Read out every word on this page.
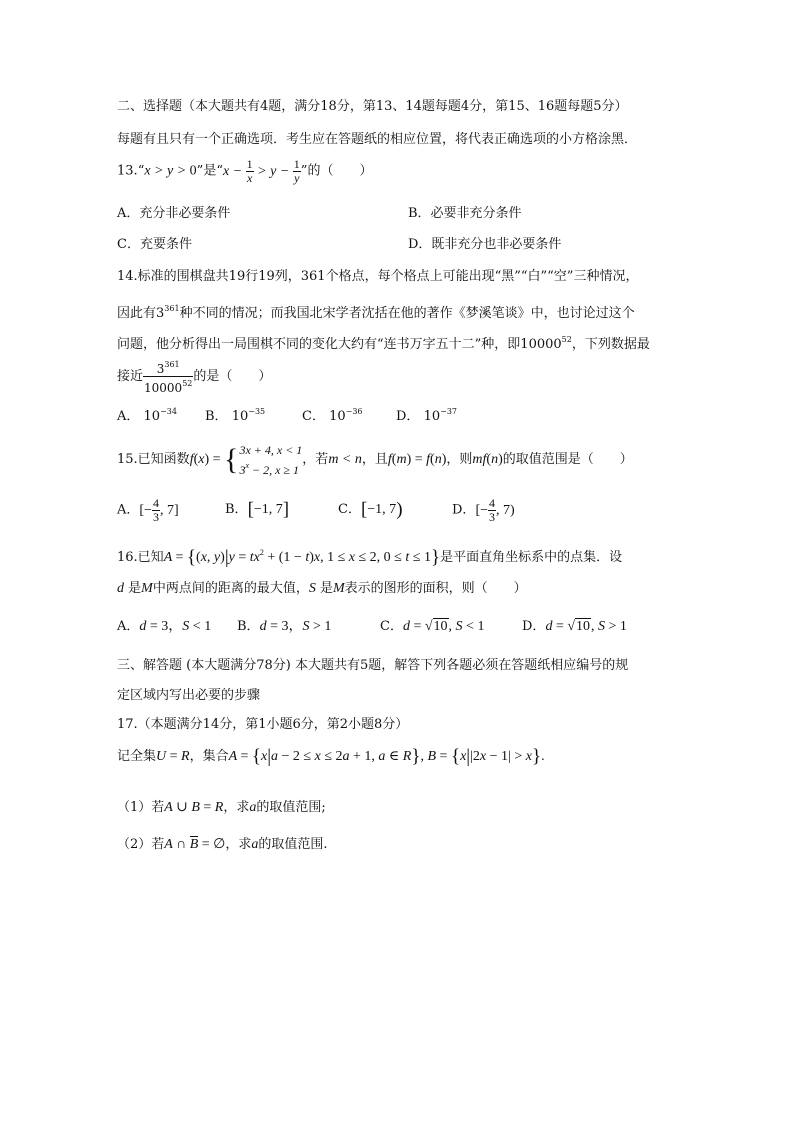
二、选择题（本大题共有4题，满分18分，第13、14题每题4分，第15、16题每题5分）
每题有且只有一个正确选项．考生应在答题纸的相应位置，将代表正确选项的小方格涂黑．
13.“x > y > 0”是“$x - \frac{1}{x} > y - \frac{1}{y}$ ”的（　　）
A．充分非必要条件	B．必要非充分条件
C．充要条件	D．既非充分也非必要条件
14.标准的围棋盘共19行19列，361个格点，每个格点上可能出现“黑”“白”“空”三种情况，
因此有$3^{361}$种不同的情况；而我国北宋学者沈括在他的著作《梦溪笔谈》中，也讨论过这个
问题，他分析得出一局围棋不同的变化大约有“连书万字五十二”种，即10000$^{52}$，下列数据最
接近 $\frac{3^{361}}{10000^{52}}$ 的是（　　）
A． $10^{-34}$ B． $10^{-35}$	C． $10^{-36}$	D． $10^{-37}$
15.已知函数f(x) = { 3x + 4, x < 1
$3^x - 2$, x ≥ 1
，若m < n，且f(m) = f(n)，则mf(n)的取值范围是（　　）
A．[− $\frac{4}{3}$ , 7]	B．[−1, 7]	C．[−1, 7)	D．[− $\frac{4}{3}$ , 7)
16.已知A = {(x, $y)|y = tx^2 + (1 - t)x$, 1 ≤ x ≤ 2, 0 ≤ t ≤ 1}是平面直角坐标系中的点集．设
d 是M中两点间的距离的最大值，S 是M表示的图形的面积，则（　　）
A．d = 3，S < 1 B．d = 3，S > 1	C．d = √10, S < 1	D．d = √10, S > 1
三、解答题 (本大题满分78分) 本大题共有5题，解答下列各题必须在答题纸相应编号的规
定区域内写出必要的步骤
17.（本题满分14分，第1小题6分，第2小题8分）
记全集U = R，集合A = {x|a − 2 ≤ x ≤ 2a + 1, a ∈ R}, B = {x||2x − 1| > x}.
（1）若A ∪ B = R，求a的取值范围;
（2）若A ∩ B = ∅，求a的取值范围.
